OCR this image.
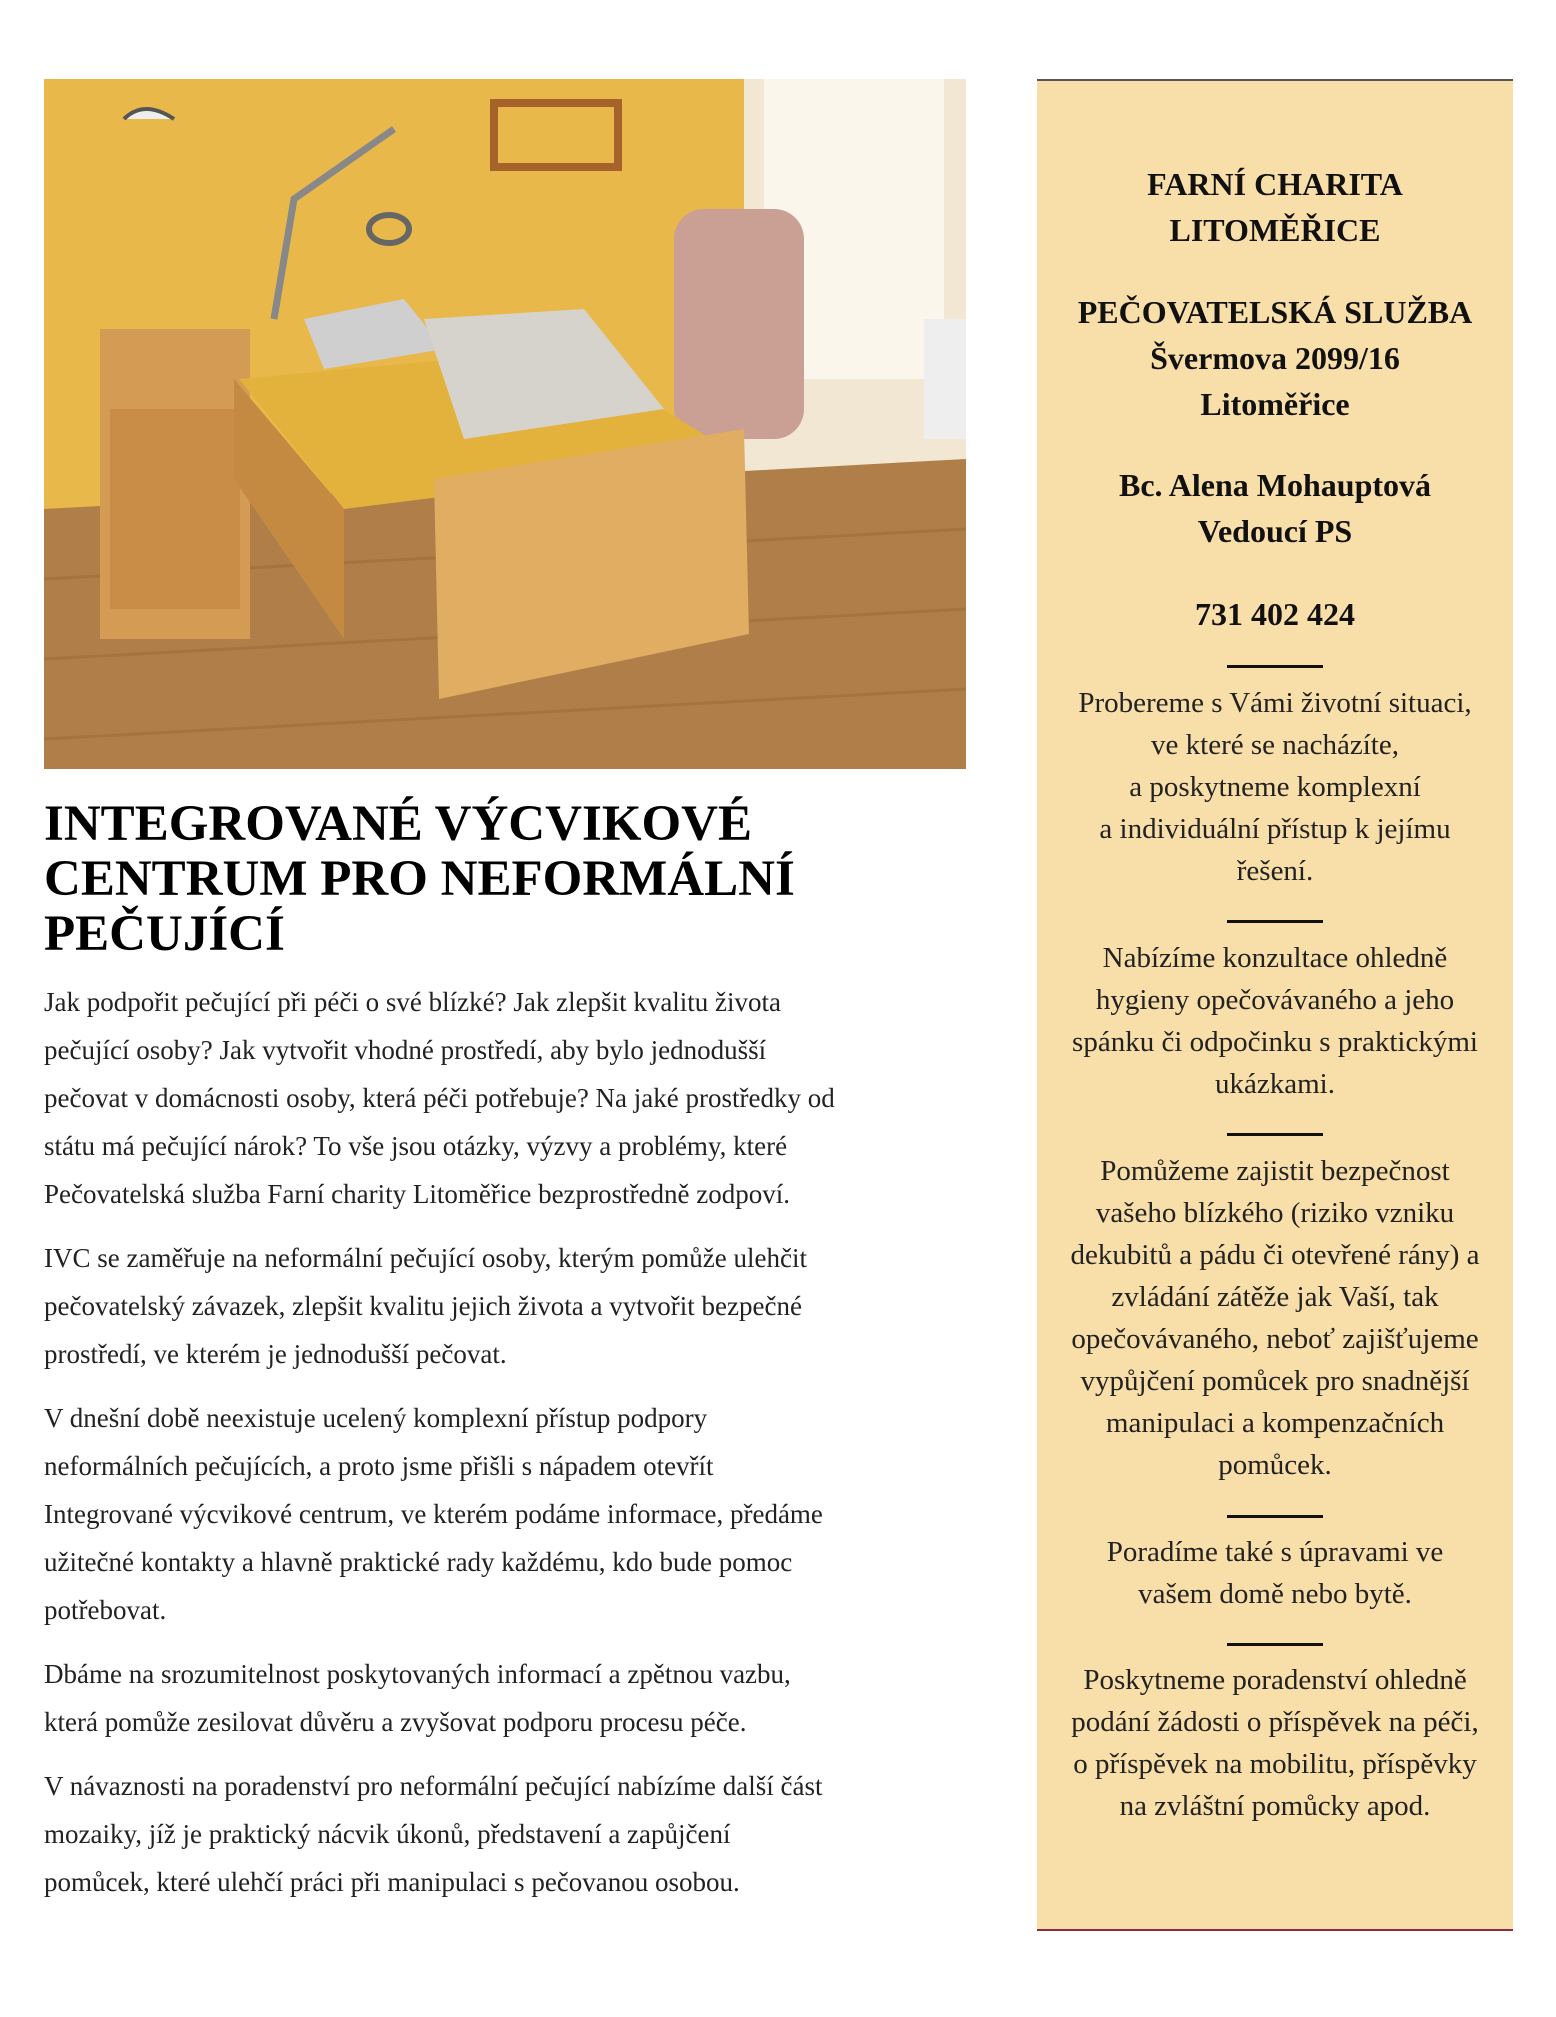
INTEGROVANÉ VÝCVIKOVÉ
CENTRUM PRO NEFORMÁLNÍ
PEČUJÍCÍ

Jak podpořit pečující při péči o své blízké? Jak zlepšit kvalitu života
pečující osoby? Jak vytvořit vhodné prostředí, aby bylo jednodušší
pečovat v domácnosti osoby, která péči potřebuje? Na jaké prostředky od
státu má pečující nárok? To vše jsou otázky, výzvy a problémy, které
Pečovatelská služba Farní charity Litoměřice bezprostředně zodpoví.

IVC se zaměřuje na neformální pečující osoby, kterým pomůže ulehčit
pečovatelský závazek, zlepšit kvalitu jejich života a vytvořit bezpečné
prostředí, ve kterém je jednodušší pečovat.

V dnešní době neexistuje ucelený komplexní přístup podpory
neformálních pečujících, a proto jsme přišli s nápadem otevřít
Integrované výcvikové centrum, ve kterém podáme informace, předáme
užitečné kontakty a hlavně praktické rady každému, kdo bude pomoc
potřebovat.

Dbáme na srozumitelnost poskytovaných informací a zpětnou vazbu,
která pomůže zesilovat důvěru a zvyšovat podporu procesu péče.

V návaznosti na poradenství pro neformální pečující nabízíme další část
mozaiky, jíž je praktický nácvik úkonů, představení a zapůjčení
pomůcek, které ulehčí práci při manipulaci s pečovanou osobou.

FARNÍ CHARITA
LITOMĚŘICE
PEČOVATELSKÁ SLUŽBA
Švermova 2099/16
Litoměřice
Bc. Alena Mohauptová
Vedoucí PS
731 402 424
Probereme s Vámi životní situaci,
ve které se nacházíte,
a poskytneme komplexní
a individuální přístup k jejímu
řešení.
Nabízíme konzultace ohledně
hygieny opečovávaného a jeho
spánku či odpočinku s praktickými
ukázkami.
Pomůžeme zajistit bezpečnost
vašeho blízkého (riziko vzniku
dekubitů a pádu či otevřené rány) a
zvládání zátěže jak Vaší, tak
opečovávaného, neboť zajišťujeme
vypůjčení pomůcek pro snadnější
manipulaci a kompenzačních
pomůcek.
Poradíme také s úpravami ve
vašem domě nebo bytě.
Poskytneme poradenství ohledně
podání žádosti o příspěvek na péči,
o příspěvek na mobilitu, příspěvky
na zvláštní pomůcky apod.
